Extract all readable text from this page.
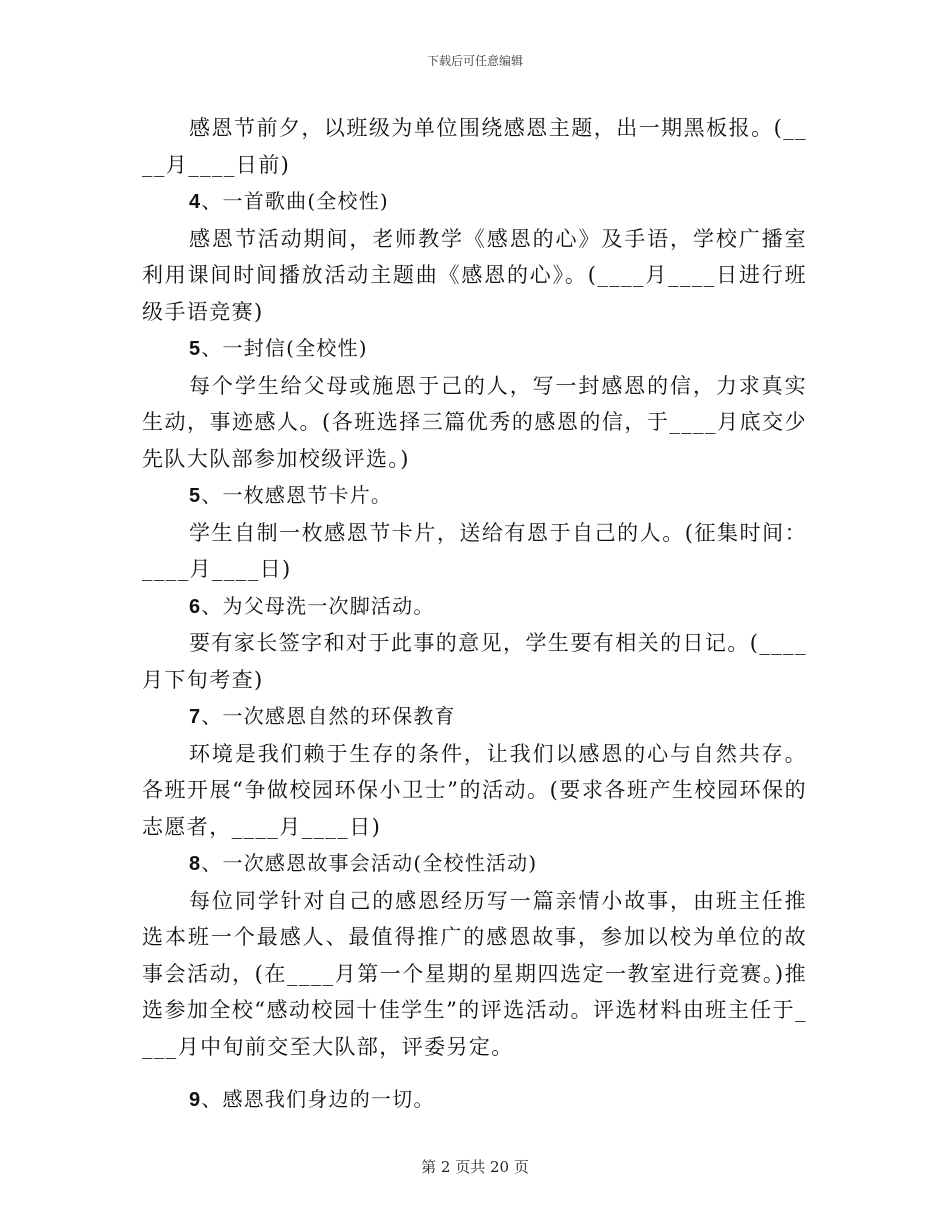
下载后可任意编辑

感恩节前夕，以班级为单位围绕感恩主题，出一期黑板报。(____月____日前)

4、一首歌曲(全校性)

感恩节活动期间，老师教学《感恩的心》及手语，学校广播室利用课间时间播放活动主题曲《感恩的心》。(____月____日进行班级手语竞赛)

5、一封信(全校性)

每个学生给父母或施恩于己的人，写一封感恩的信，力求真实生动，事迹感人。(各班选择三篇优秀的感恩的信，于____月底交少先队大队部参加校级评选。)

5、一枚感恩节卡片。

学生自制一枚感恩节卡片，送给有恩于自己的人。(征集时间：____月____日)

6、为父母洗一次脚活动。

要有家长签字和对于此事的意见，学生要有相关的日记。(____月下旬考查)

7、一次感恩自然的环保教育

环境是我们赖于生存的条件，让我们以感恩的心与自然共存。各班开展“争做校园环保小卫士”的活动。(要求各班产生校园环保的志愿者，____月____日)

8、一次感恩故事会活动(全校性活动)

每位同学针对自己的感恩经历写一篇亲情小故事，由班主任推选本班一个最感人、最值得推广的感恩故事，参加以校为单位的故事会活动，(在____月第一个星期的星期四选定一教室进行竞赛。)推选参加全校“感动校园十佳学生”的评选活动。评选材料由班主任于____月中旬前交至大队部，评委另定。

9、感恩我们身边的一切。

第 2 页共 20 页
